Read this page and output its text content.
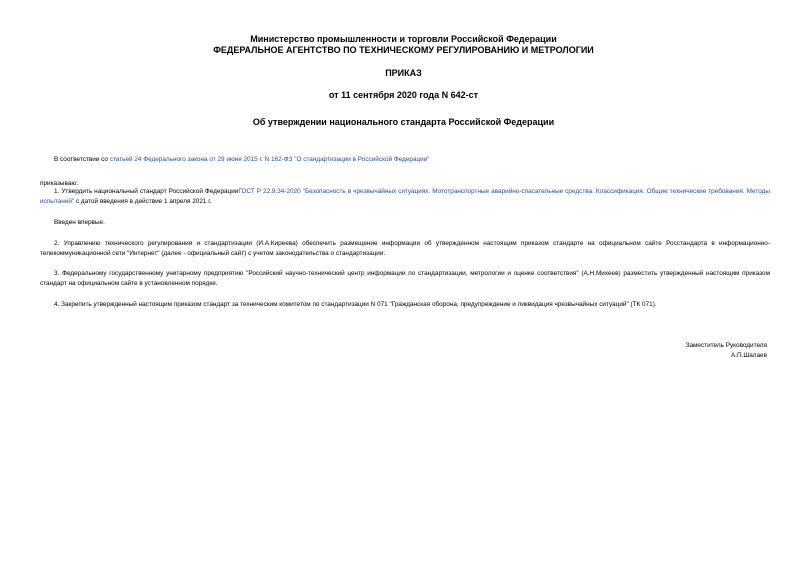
Министерство промышленности и торговли Российской Федерации
ФЕДЕРАЛЬНОЕ АГЕНТСТВО ПО ТЕХНИЧЕСКОМУ РЕГУЛИРОВАНИЮ И МЕТРОЛОГИИ
ПРИКАЗ
от 11 сентября 2020 года N 642-ст
Об утверждении национального стандарта Российской Федерации
В соответствии со статьей 24 Федерального закона от 29 июня 2015 г. N 162-ФЗ "О стандартизации в Российской Федерации"
приказываю:
1. Утвердить национальный стандарт Российской ФедерацииГОСТ Р 22.9.34-2020 "Безопасность в чрезвычайных ситуациях. Мототранспортные аварийно-спасательные средства. Классификация. Общие технические требования. Методы испытаний" с датой введения в действие 1 апреля 2021 г.
Введен впервые.
2. Управлению технического регулирования и стандартизации (И.А.Киреева) обеспечить размещение информации об утвержденном настоящим приказом стандарте на официальном сайте Росстандарта в информационно-телекоммуникационной сети "Интернет" (далее - официальный сайт) с учетом законодательства о стандартизации.
3. Федеральному государственному унитарному предприятию "Российский научно-технический центр информации по стандартизации, метрологии и оценке соответствия" (А.Н.Михеев) разместить утвержденный настоящим приказом стандарт на официальном сайте в установленном порядке.
4. Закрепить утвержденный настоящим приказом стандарт за техническим комитетом по стандартизации N 071 "Гражданская оборона, предупреждение и ликвидация чрезвычайных ситуаций" (ТК 071).
Заместитель Руководителя
А.П.Шалаев
